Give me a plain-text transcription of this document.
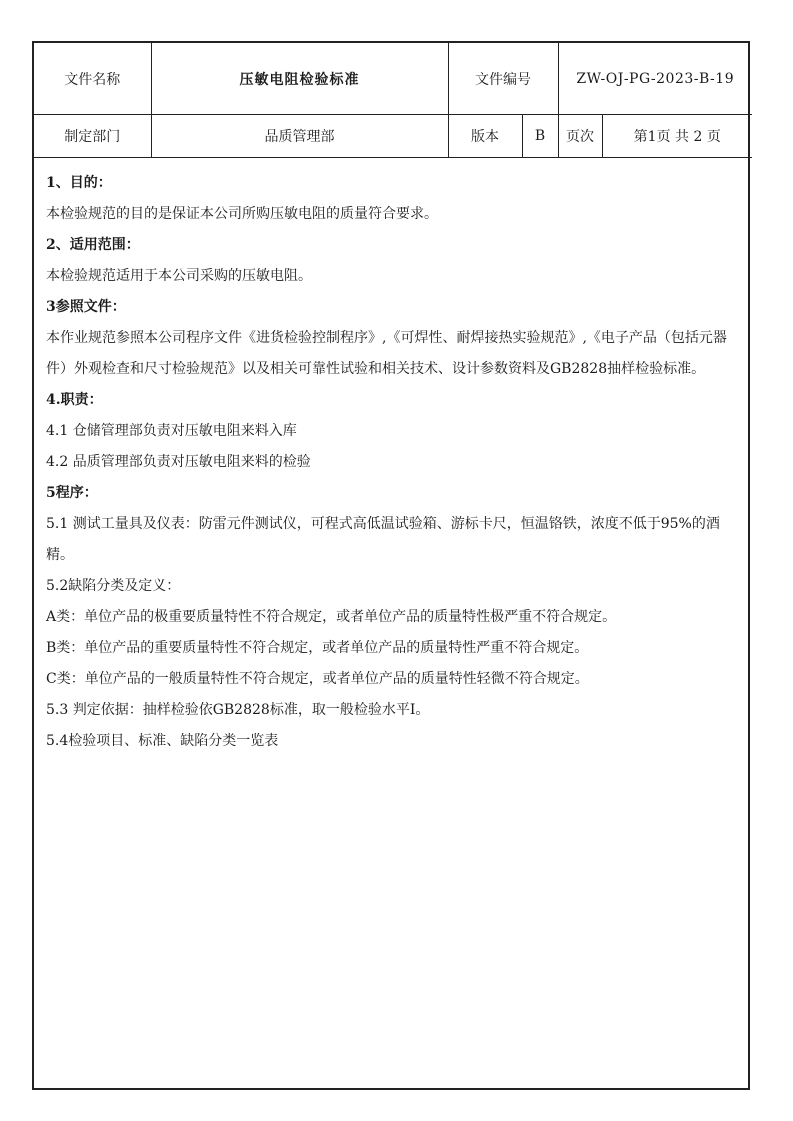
文件名称	压敏电阻检验标准	文件编号		ZW-OJ-PG-2023-B-19	
制定部门	品质管理部	版本	B	页次	第1页 共 2 页
1、目的：
本检验规范的目的是保证本公司所购压敏电阻的质量符合要求。
2、适用范围：
本检验规范适用于本公司采购的压敏电阻。
3参照文件：
本作业规范参照本公司程序文件《进货检验控制程序》,《可焊性、耐焊接热实验规范》,《电子产品（包括元器件）外观检查和尺寸检验规范》以及相关可靠性试验和相关技术、设计参数资料及GB2828抽样检验标准。
4.职责：
4.1 仓储管理部负责对压敏电阻来料入库
4.2 品质管理部负责对压敏电阻来料的检验
5程序：
5.1 测试工量具及仪表：防雷元件测试仪，可程式高低温试验箱、游标卡尺，恒温铬铁，浓度不低于95%的酒精。
5.2缺陷分类及定义：
A类：单位产品的极重要质量特性不符合规定，或者单位产品的质量特性极严重不符合规定。
B类：单位产品的重要质量特性不符合规定，或者单位产品的质量特性严重不符合规定。
C类：单位产品的一般质量特性不符合规定，或者单位产品的质量特性轻微不符合规定。
5.3 判定依据：抽样检验依GB2828标准，取一般检验水平Ⅰ。
5.4检验项目、标准、缺陷分类一览表
